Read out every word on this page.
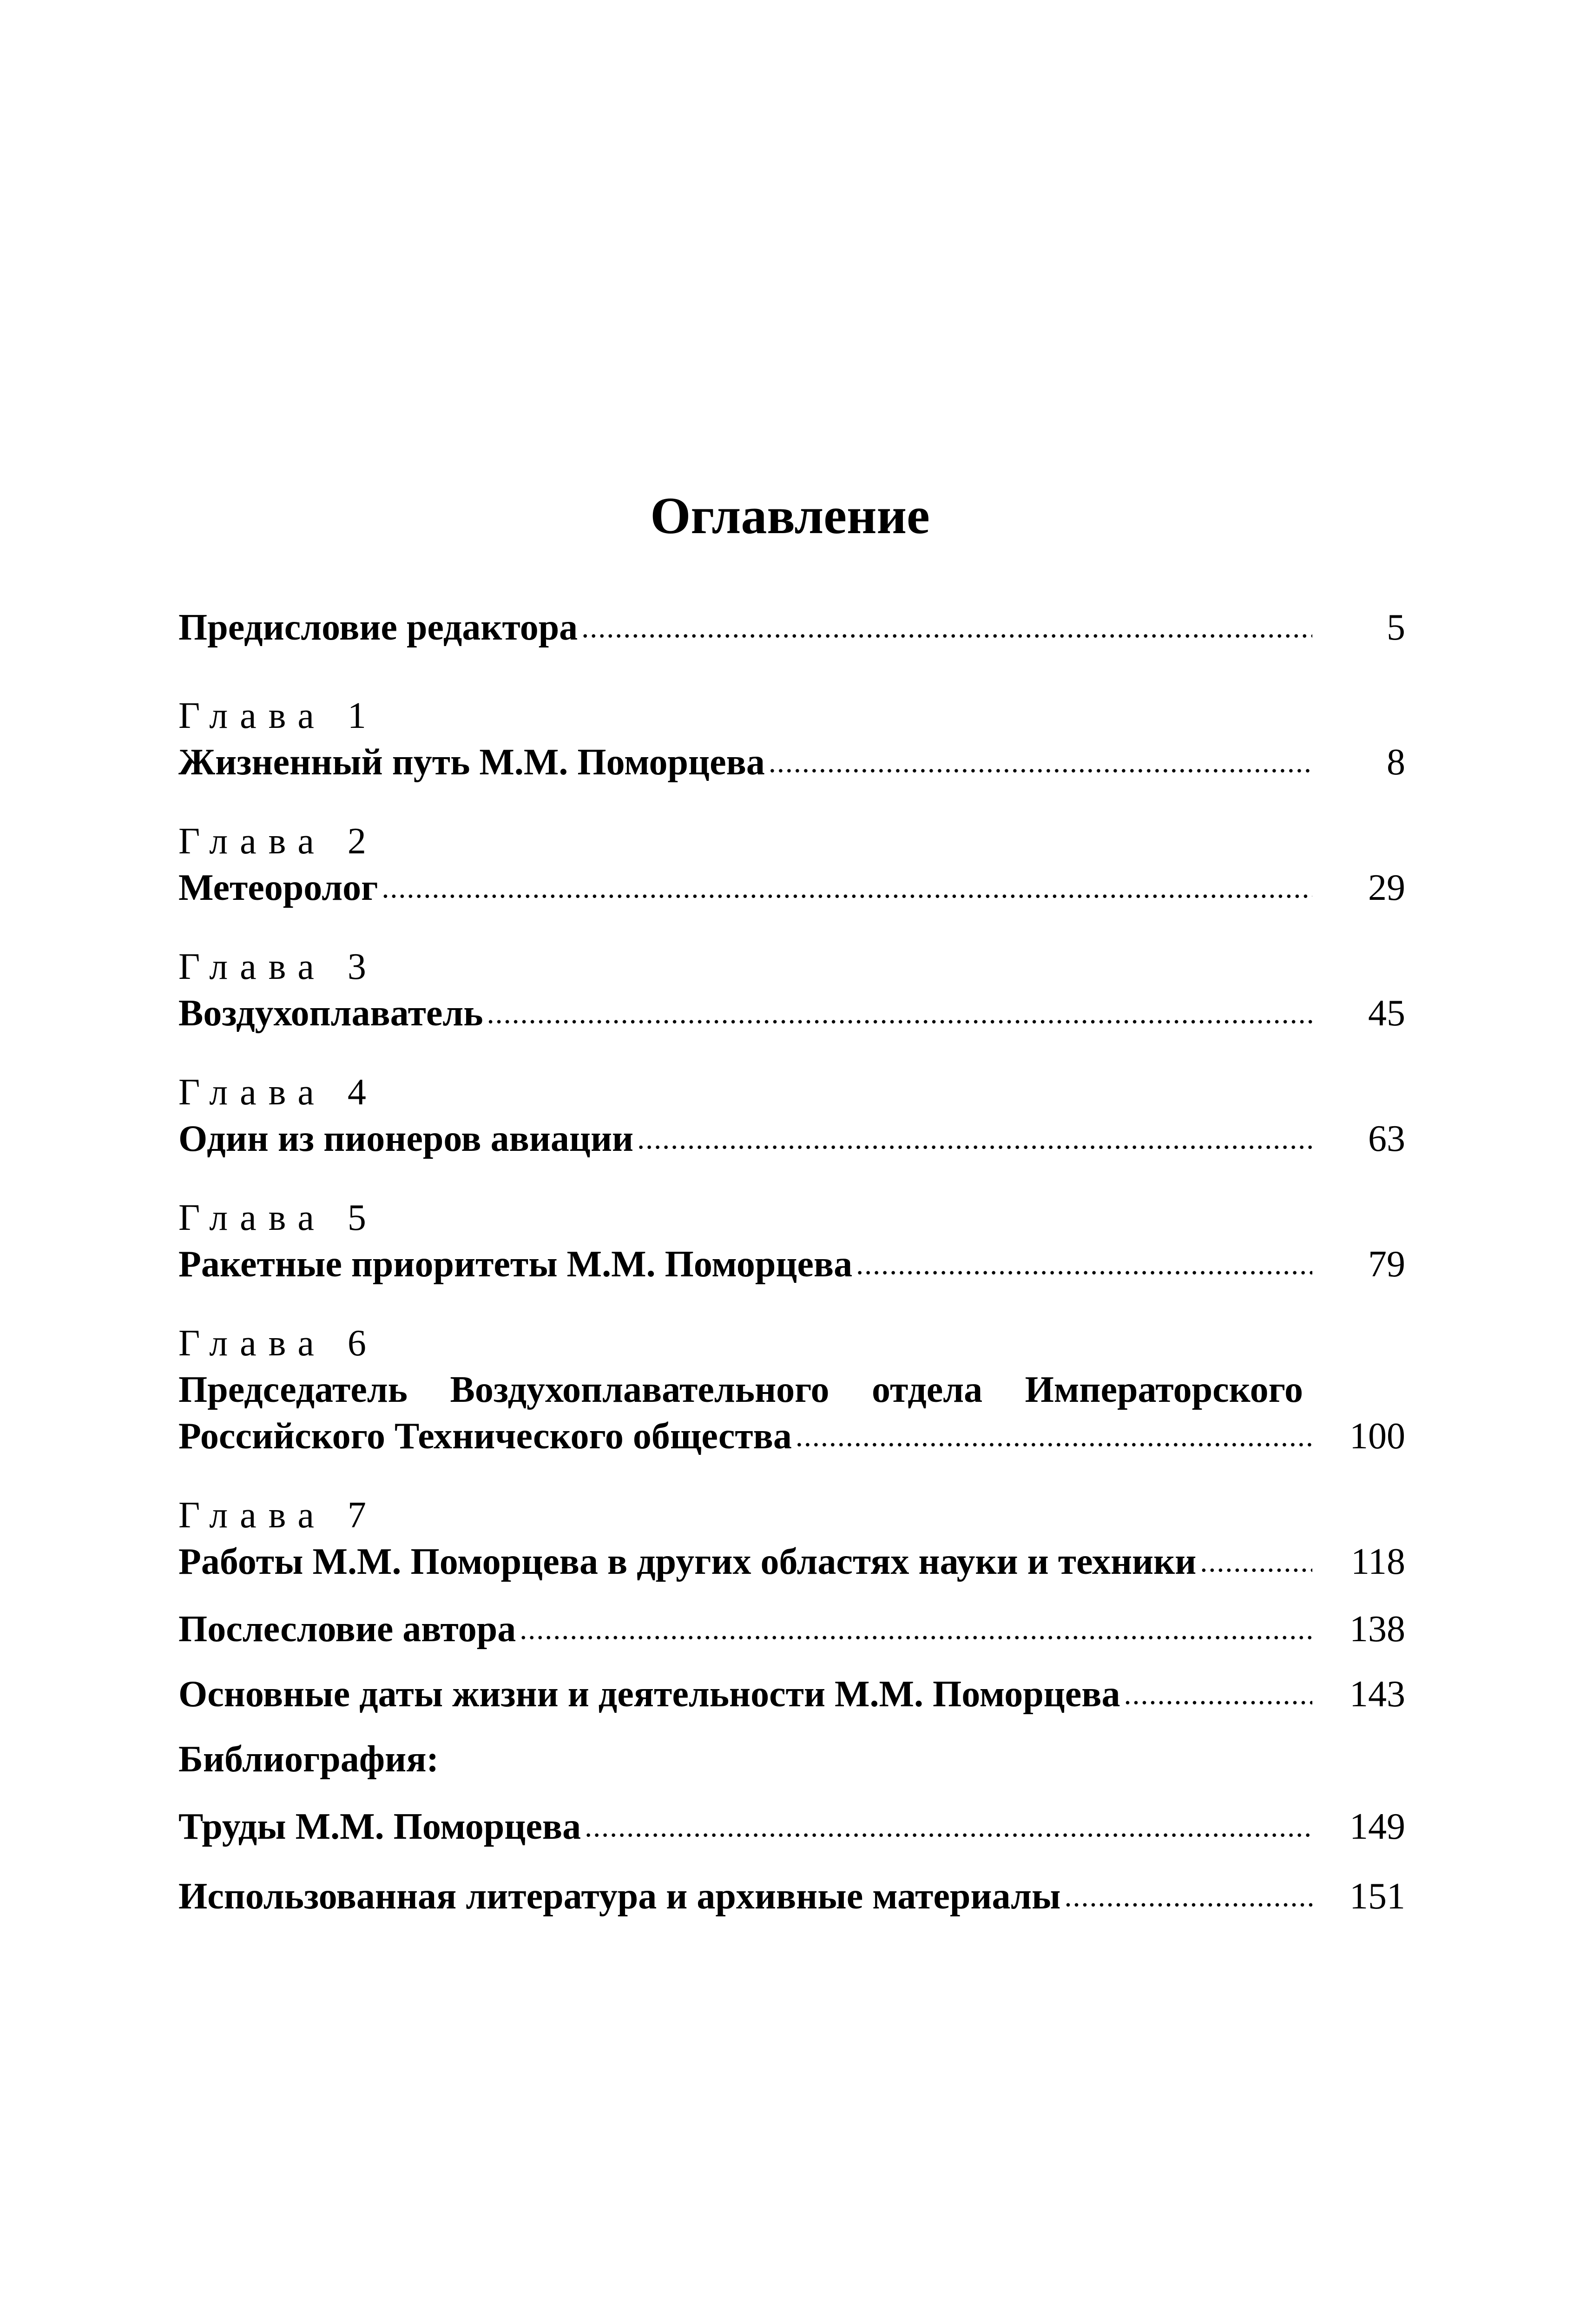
Оглавление
Предисловие редактора .....	5
Глава 1
Жизненный путь М.М. Поморцева .....	8
Глава 2
Метеоролог .....	29
Глава 3
Воздухоплаватель .....	45
Глава 4
Один из пионеров авиации .....	63
Глава 5
Ракетные приоритеты М.М. Поморцева .....	79
Глава 6
Председатель Воздухоплавательного отдела Императорского
Российского Технического общества .....	100
Глава 7
Работы М.М. Поморцева в других областях науки и техники .....	118
Послесловие автора .....	138
Основные даты жизни и деятельности М.М. Поморцева .....	143
Библиография:
Труды М.М. Поморцева .....	149
Использованная литература и архивные материалы .....	151
